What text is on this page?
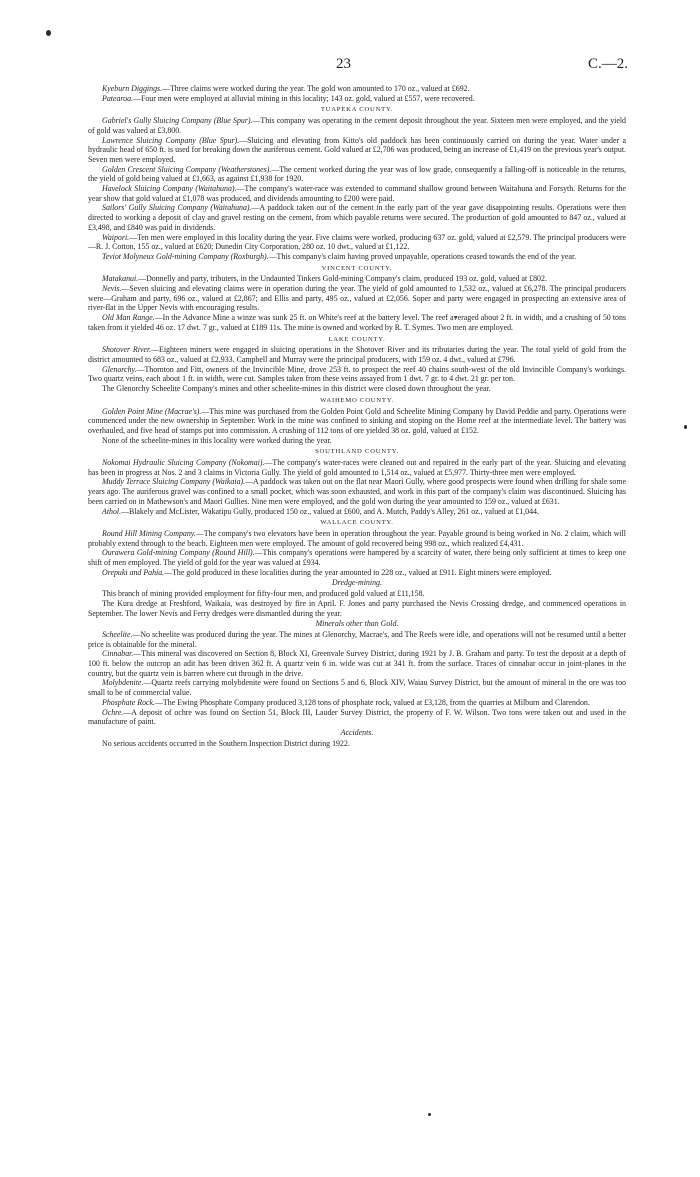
23	C.—2.

Kyeburn Diggings.—Three claims were worked during the year. The gold won amounted to 170 oz., valued at £692.

Patearoa.—Four men were employed at alluvial mining in this locality; 143 oz. gold, valued at £557, were recovered.

TUAPEKA COUNTY.

Gabriel's Gully Sluicing Company (Blue Spur).—This company was operating in the cement deposit throughout the year. Sixteen men were employed, and the yield of gold was valued at £3,800.

Lawrence Sluicing Company (Blue Spur).—Sluicing and elevating from Kitto's old paddock has been continuously carried on during the year. Water under a hydraulic head of 650 ft. is used for breaking down the auriferous cement. Gold valued at £2,706 was produced, being an increase of £1,419 on the previous year's output. Seven men were employed.

Golden Crescent Sluicing Company (Weatherstones).—The cement worked during the year was of low grade, consequently a falling-off is noticeable in the returns, the yield of gold being valued at £1,663, as against £1,938 for 1920.

Havelock Sluicing Company (Waitahuna).—The company's water-race was extended to command shallow ground between Waitahuna and Forsyth. Returns for the year show that gold valued at £1,078 was produced, and dividends amounting to £200 were paid.

Sailors' Gully Sluicing Company (Waitahuna).—A paddock taken out of the cement in the early part of the year gave disappointing results. Operations were then directed to working a deposit of clay and gravel resting on the cement, from which payable returns were secured. The production of gold amounted to 847 oz., valued at £3,498, and £840 was paid in dividends.

Waipori.—Ten men were employed in this locality during the year. Five claims were worked, producing 637 oz. gold, valued at £2,579. The principal producers were—R. J. Cotton, 155 oz., valued at £620; Dunedin City Corporation, 280 oz. 10 dwt., valued at £1,122.

Teviot Molyneux Gold-mining Company (Roxburgh).—This company's claim having proved unpayable, operations ceased towards the end of the year.

VINCENT COUNTY.

Matakanui.—Donnelly and party, tributers, in the Undaunted Tinkers Gold-mining Company's claim, produced 193 oz. gold, valued at £802.

Nevis.—Seven sluicing and elevating claims were in operation during the year. The yield of gold amounted to 1,532 oz., valued at £6,278. The principal producers were—Graham and party, 696 oz., valued at £2,867; and Ellis and party, 495 oz., valued at £2,056. Soper and party were engaged in prospecting an extensive area of river-flat in the Upper Nevis with encouraging results.

Old Man Range.—In the Advance Mine a winze was sunk 25 ft. on White's reef at the battery level. The reef averaged about 2 ft. in width, and a crushing of 50 tons taken from it yielded 46 oz. 17 dwt. 7 gr., valued at £189 11s. The mine is owned and worked by R. T. Symes. Two men are employed.

LAKE COUNTY.

Shotover River.—Eighteen miners were engaged in sluicing operations in the Shotover River and its tributaries during the year. The total yield of gold from the district amounted to 683 oz., valued at £2,933. Campbell and Murray were the principal producers, with 159 oz. 4 dwt., valued at £796.

Glenorchy.—Thornton and Fitt, owners of the Invincible Mine, drove 253 ft. to prospect the reef 40 chains south-west of the old Invincible Company's workings. Two quartz veins, each about 1 ft. in width, were cut. Samples taken from these veins assayed from 1 dwt. 7 gr. to 4 dwt. 21 gr. per ton.

The Glenorchy Scheelite Company's mines and other scheelite-mines in this district were closed down throughout the year.

WAIHEMO COUNTY.

Golden Point Mine (Macrae's).—This mine was purchased from the Golden Point Gold and Scheelite Mining Company by David Peddie and party. Operations were commenced under the new ownership in September. Work in the mine was confined to sinking and stoping on the Home reef at the intermediate level. The battery was overhauled, and five head of stamps put into commission. A crushing of 112 tons of ore yielded 38 oz. gold, valued at £152.

None of the scheelite-mines in this locality were worked during the year.

SOUTHLAND COUNTY.

Nokomai Hydraulic Sluicing Company (Nokomai).—The company's water-races were cleaned out and repaired in the early part of the year. Sluicing and elevating has been in progress at Nos. 2 and 3 claims in Victoria Gully. The yield of gold amounted to 1,514 oz., valued at £5,977. Thirty-three men were employed.

Muddy Terrace Sluicing Company (Waikaia).—A paddock was taken out on the flat near Maori Gully, where good prospects were found when drilling for shale some years ago. The auriferous gravel was confined to a small pocket, which was soon exhausted, and work in this part of the company's claim was discontinued. Sluicing has been carried on in Mathewson's and Maori Gullies. Nine men were employed, and the gold won during the year amounted to 159 oz., valued at £631.

Athol.—Blakely and McLister, Wakatipu Gully, produced 150 oz., valued at £600, and A. Mutch, Paddy's Alley, 261 oz., valued at £1,044.

WALLACE COUNTY.

Round Hill Mining Company.—The company's two elevators have been in operation throughout the year. Payable ground is being worked in No. 2 claim, which will probably extend through to the beach. Eighteen men were employed. The amount of gold recovered being 998 oz., which realized £4,431.

Ourawera Gold-mining Company (Round Hill).—This company's operations were hampered by a scarcity of water, there being only sufficient at times to keep one shift of men employed. The yield of gold for the year was valued at £934.

Orepuki and Pahia.—The gold produced in these localities during the year amounted to 228 oz., valued at £911. Eight miners were employed.

Dredge-mining.

This branch of mining provided employment for fifty-four men, and produced gold valued at £11,158.

The Kura dredge at Freshford, Waikaia, was destroyed by fire in April. F. Jones and party purchased the Nevis Crossing dredge, and commenced operations in September. The lower Nevis and Ferry dredges were dismantled during the year.

Minerals other than Gold.

Scheelite.—No scheelite was produced during the year. The mines at Glenorchy, Macrae's, and The Reefs were idle, and operations will not be resumed until a better price is obtainable for the mineral.

Cinnabar.—This mineral was discovered on Section 8, Block XI, Greenvale Survey District, during 1921 by J. B. Graham and party. To test the deposit at a depth of 100 ft. below the outcrop an adit has been driven 362 ft. A quartz vein 6 in. wide was cut at 341 ft. from the surface. Traces of cinnabar occur in joint-planes in the country, but the quartz vein is barren where cut through in the drive.

Molybdenite.—Quartz reefs carrying molybdenite were found on Sections 5 and 6, Block XIV, Waiau Survey District, but the amount of mineral in the ore was too small to be of commercial value.

Phosphate Rock.—The Ewing Phosphate Company produced 3,128 tons of phosphate rock, valued at £3,128, from the quarries at Milburn and Clarendon.

Ochre.—A deposit of ochre was found on Section 51, Block III, Lauder Survey District, the property of F. W. Wilson. Two tons were taken out and used in the manufacture of paint.

Accidents.

No serious accidents occurred in the Southern Inspection District during 1922.
